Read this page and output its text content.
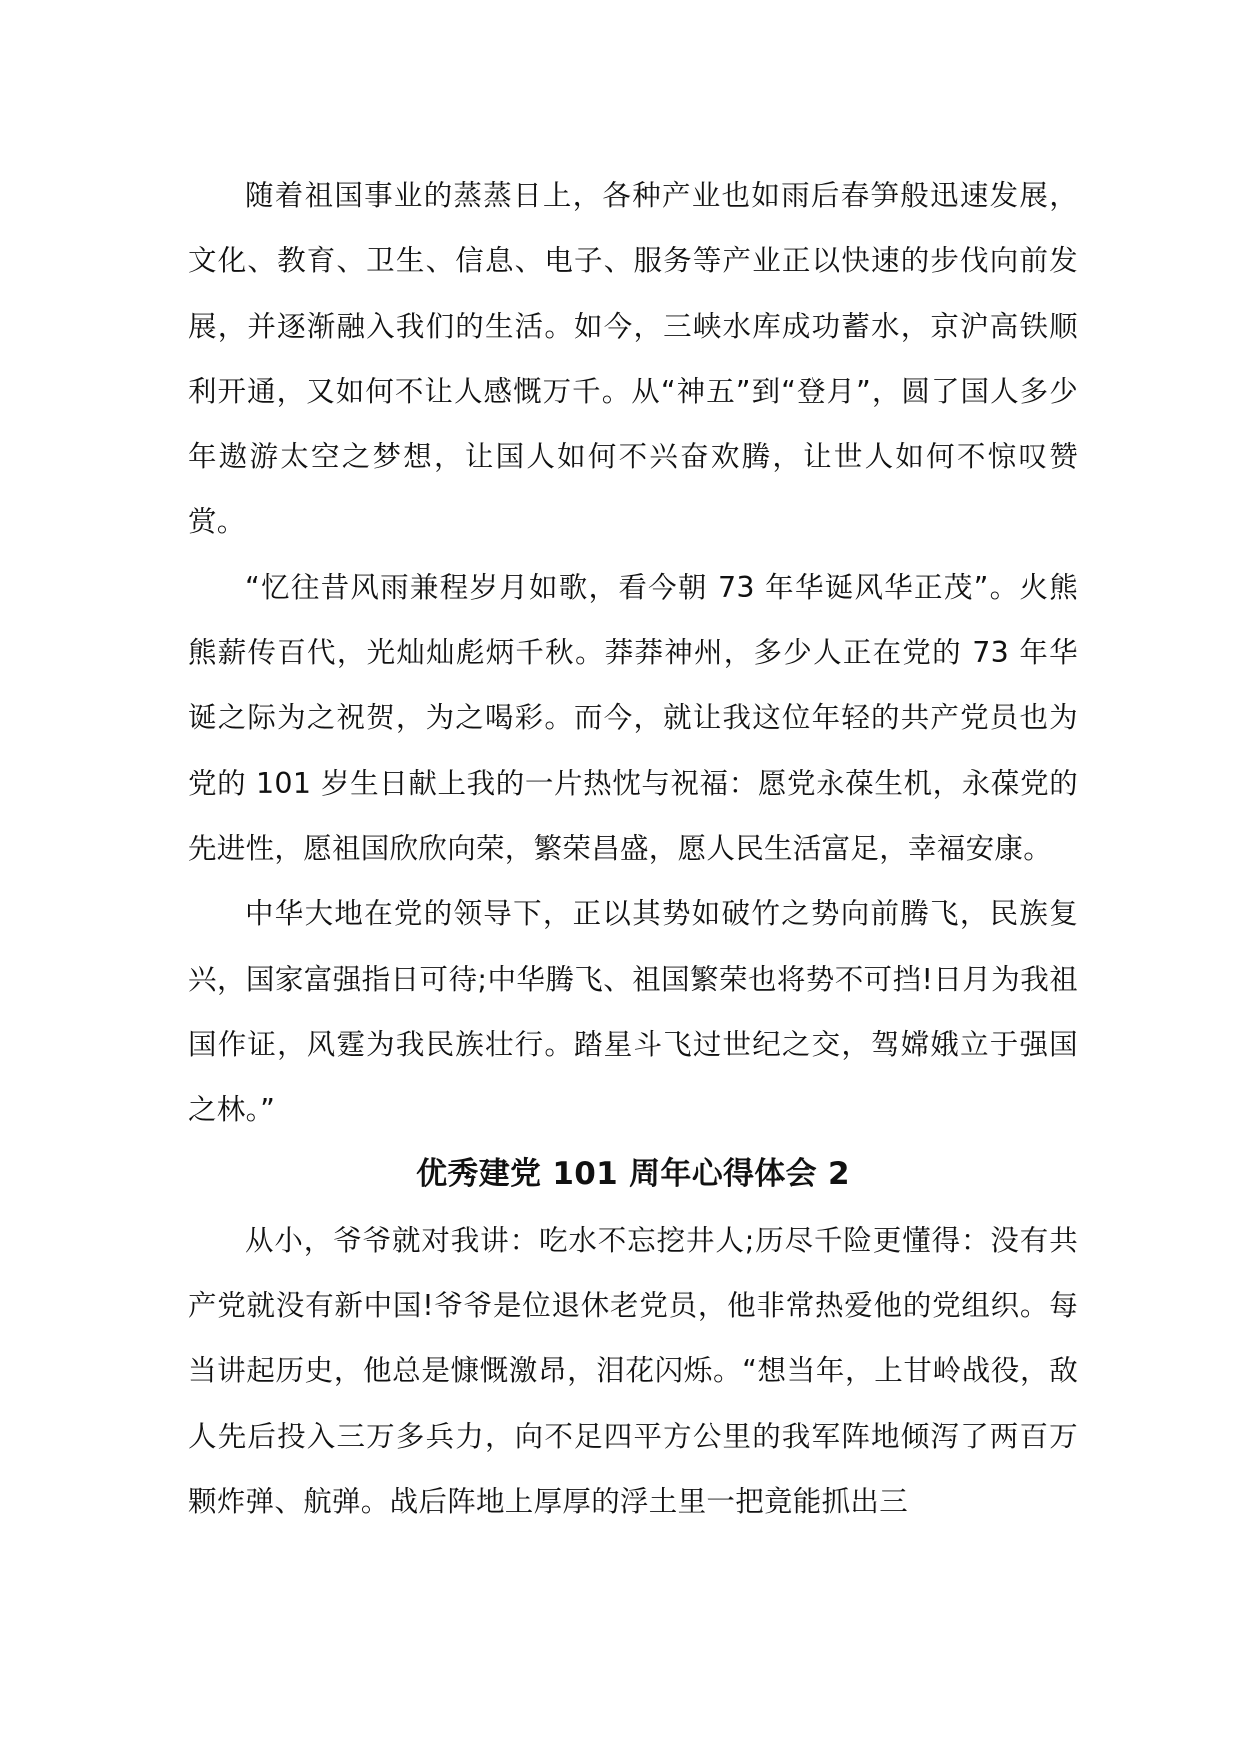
随着祖国事业的蒸蒸日上，各种产业也如雨后春笋般迅速发展，文化、教育、卫生、信息、电子、服务等产业正以快速的步伐向前发展，并逐渐融入我们的生活。如今，三峡水库成功蓄水，京沪高铁顺利开通，又如何不让人感慨万千。从“神五”到“登月”，圆了国人多少年遨游太空之梦想，让国人如何不兴奋欢腾，让世人如何不惊叹赞赏。

“忆往昔风雨兼程岁月如歌，看今朝 73 年华诞风华正茂”。火熊熊薪传百代，光灿灿彪炳千秋。莽莽神州，多少人正在党的 73 年华诞之际为之祝贺，为之喝彩。而今，就让我这位年轻的共产党员也为党的 101 岁生日献上我的一片热忱与祝福：愿党永葆生机，永葆党的先进性，愿祖国欣欣向荣，繁荣昌盛，愿人民生活富足，幸福安康。

中华大地在党的领导下，正以其势如破竹之势向前腾飞，民族复兴，国家富强指日可待;中华腾飞、祖国繁荣也将势不可挡!日月为我祖国作证，风霆为我民族壮行。踏星斗飞过世纪之交，驾嫦娥立于强国之林。”

优秀建党 101 周年心得体会 2

从小，爷爷就对我讲：吃水不忘挖井人;历尽千险更懂得：没有共产党就没有新中国!爷爷是位退休老党员，他非常热爱他的党组织。每当讲起历史，他总是慷慨激昂，泪花闪烁。“想当年，上甘岭战役，敌人先后投入三万多兵力，向不足四平方公里的我军阵地倾泻了两百万颗炸弹、航弹。战后阵地上厚厚的浮土里一把竟能抓出三
